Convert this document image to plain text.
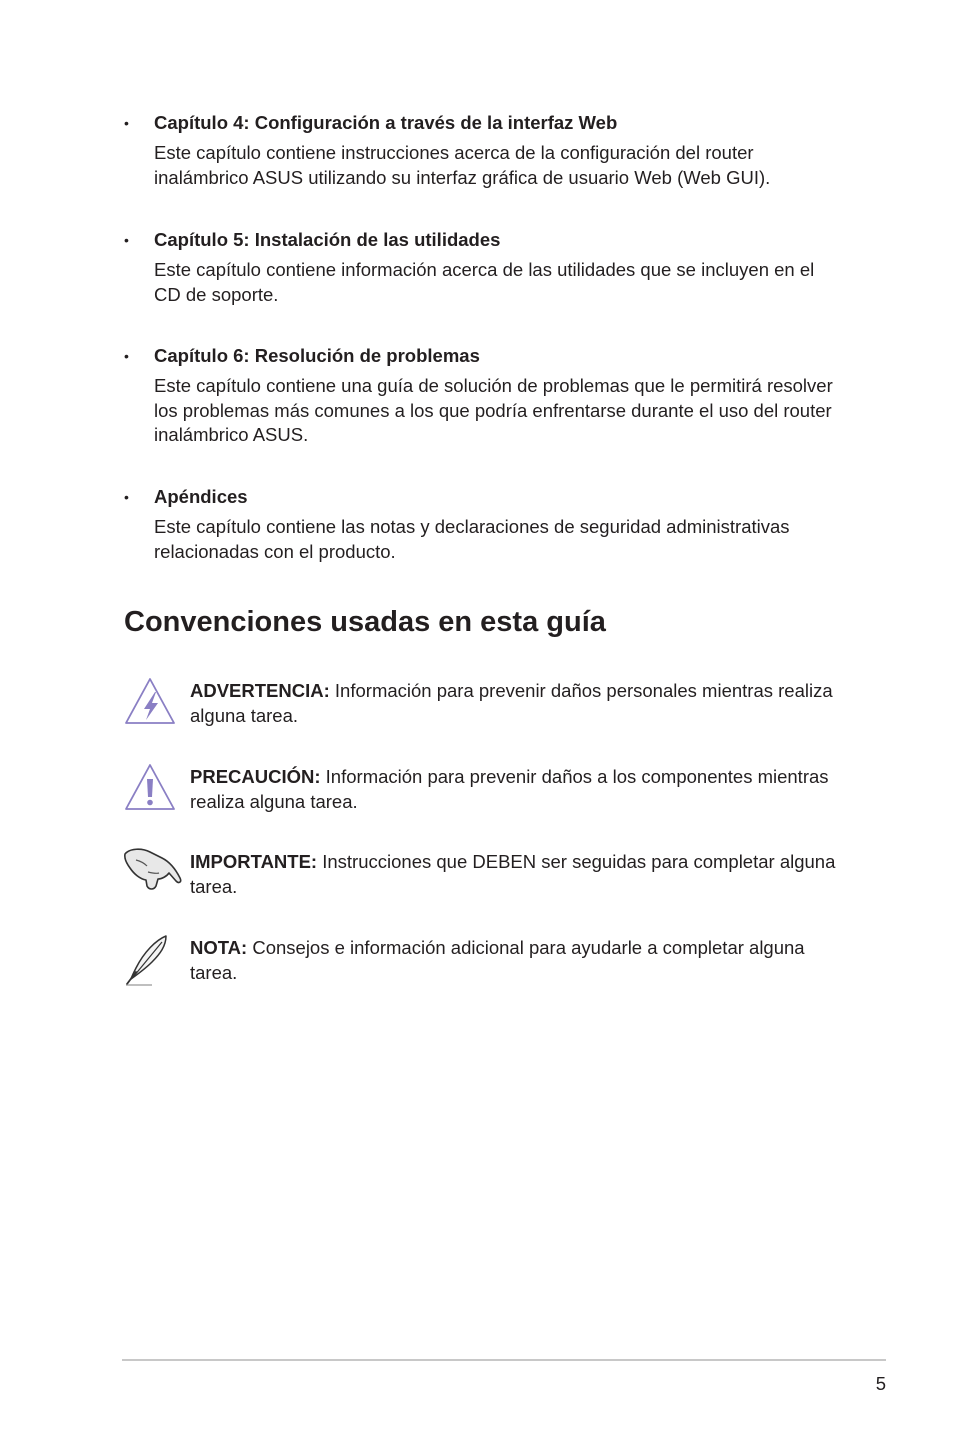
• Capítulo 4: Configuración a través de la interfaz Web

Este capítulo contiene instrucciones acerca de la configuración del router inalámbrico ASUS utilizando su interfaz gráfica de usuario Web (Web GUI).

• Capítulo 5: Instalación de las utilidades

Este capítulo contiene información acerca de las utilidades que se incluyen en el CD de soporte.

• Capítulo 6: Resolución de problemas

Este capítulo contiene una guía de solución de problemas que le permitirá resolver los problemas más comunes a los que podría enfrentarse durante el uso del router inalámbrico ASUS.

• Apéndices

Este capítulo contiene las notas y declaraciones de seguridad administrativas relacionadas con el producto.

Convenciones usadas en esta guía

ADVERTENCIA: Información para prevenir daños personales mientras realiza alguna tarea.

PRECAUCIÓN: Información para prevenir daños a los componentes mientras realiza alguna tarea.

IMPORTANTE: Instrucciones que DEBEN ser seguidas para completar alguna tarea.

NOTA: Consejos e información adicional para ayudarle a completar alguna tarea.

5
